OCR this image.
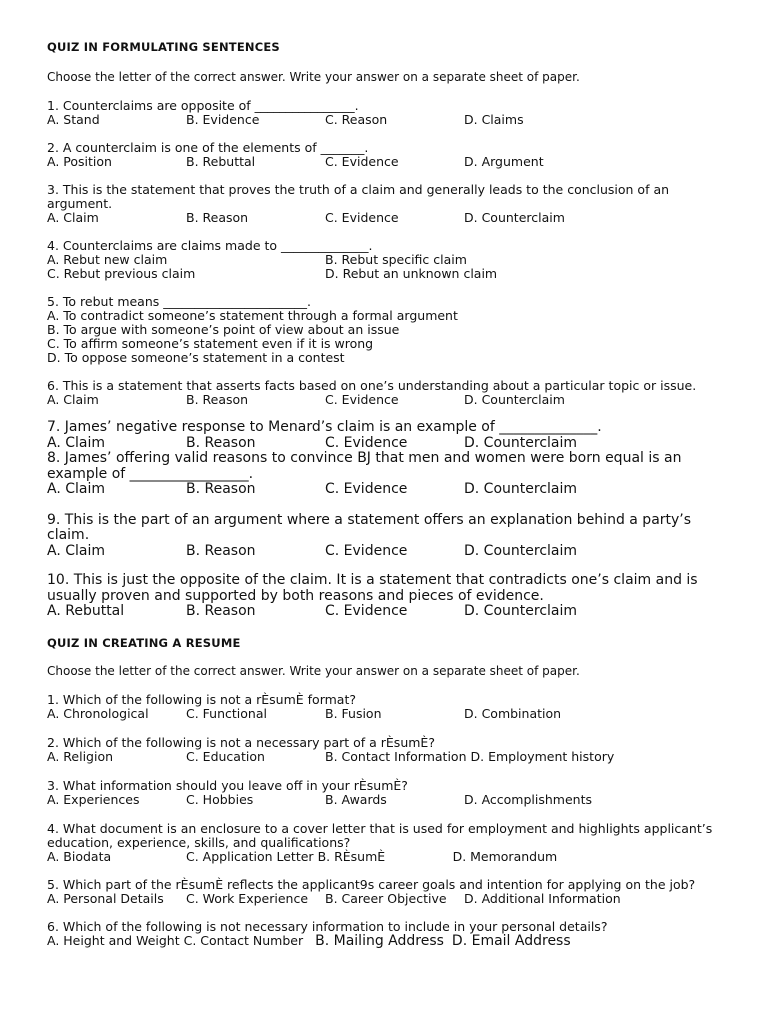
QUIZ IN FORMULATING SENTENCES
Choose the letter of the correct answer. Write your answer on a separate sheet of paper.
1. Counterclaims are opposite of ________________.
A. Stand	B. Evidence	C. Reason	D. Claims
2. A counterclaim is one of the elements of _______.
A. Position	B. Rebuttal	C. Evidence	D. Argument
3. This is the statement that proves the truth of a claim and generally leads to the conclusion of an argument.
A. Claim	B. Reason	C. Evidence	D. Counterclaim
4. Counterclaims are claims made to ______________.
A. Rebut new claim	B. Rebut specific claim
C. Rebut previous claim	D. Rebut an unknown claim
5. To rebut means _______________________.
A. To contradict someone’s statement through a formal argument
B. To argue with someone’s point of view about an issue
C. To affirm someone’s statement even if it is wrong
D. To oppose someone’s statement in a contest
6. This is a statement that asserts facts based on one’s understanding about a particular topic or issue.
A. Claim	B. Reason	C. Evidence	D. Counterclaim
7. James’ negative response to Menard’s claim is an example of ______________.
A. Claim	B. Reason	C. Evidence	D. Counterclaim
8. James’ offering valid reasons to convince BJ that men and women were born equal is an example of _________________.
A. Claim	B. Reason	C. Evidence	D. Counterclaim
9. This is the part of an argument where a statement offers an explanation behind a party’s claim.
A. Claim	B. Reason	C. Evidence	D. Counterclaim
10. This is just the opposite of the claim. It is a statement that contradicts one’s claim and is usually proven and supported by both reasons and pieces of evidence.
A. Rebuttal	B. Reason	C. Evidence	D. Counterclaim
QUIZ IN CREATING A RESUME
Choose the letter of the correct answer. Write your answer on a separate sheet of paper.
1. Which of the following is not a rÈsumÈ format?
A. Chronological	C. Functional	B. Fusion	D. Combination
2. Which of the following is not a necessary part of a rÈsumÈ?
A. Religion	C. Education	B. Contact Information D. Employment history
3. What information should you leave off in your rÈsumÈ?
A. Experiences	C. Hobbies	B. Awards	D. Accomplishments
4. What document is an enclosure to a cover letter that is used for employment and highlights applicant’s education, experience, skills, and qualifications?
A. Biodata	C. Application Letter B. RÈsumÈ	D. Memorandum
5. Which part of the rÈsumÈ reflects the applicant9s career goals and intention for applying on the job?
A. Personal Details	C. Work Experience	B. Career Objective	D. Additional Information
6. Which of the following is not necessary information to include in your personal details?
A. Height and Weight C. Contact Number B. Mailing Address D. Email Address
